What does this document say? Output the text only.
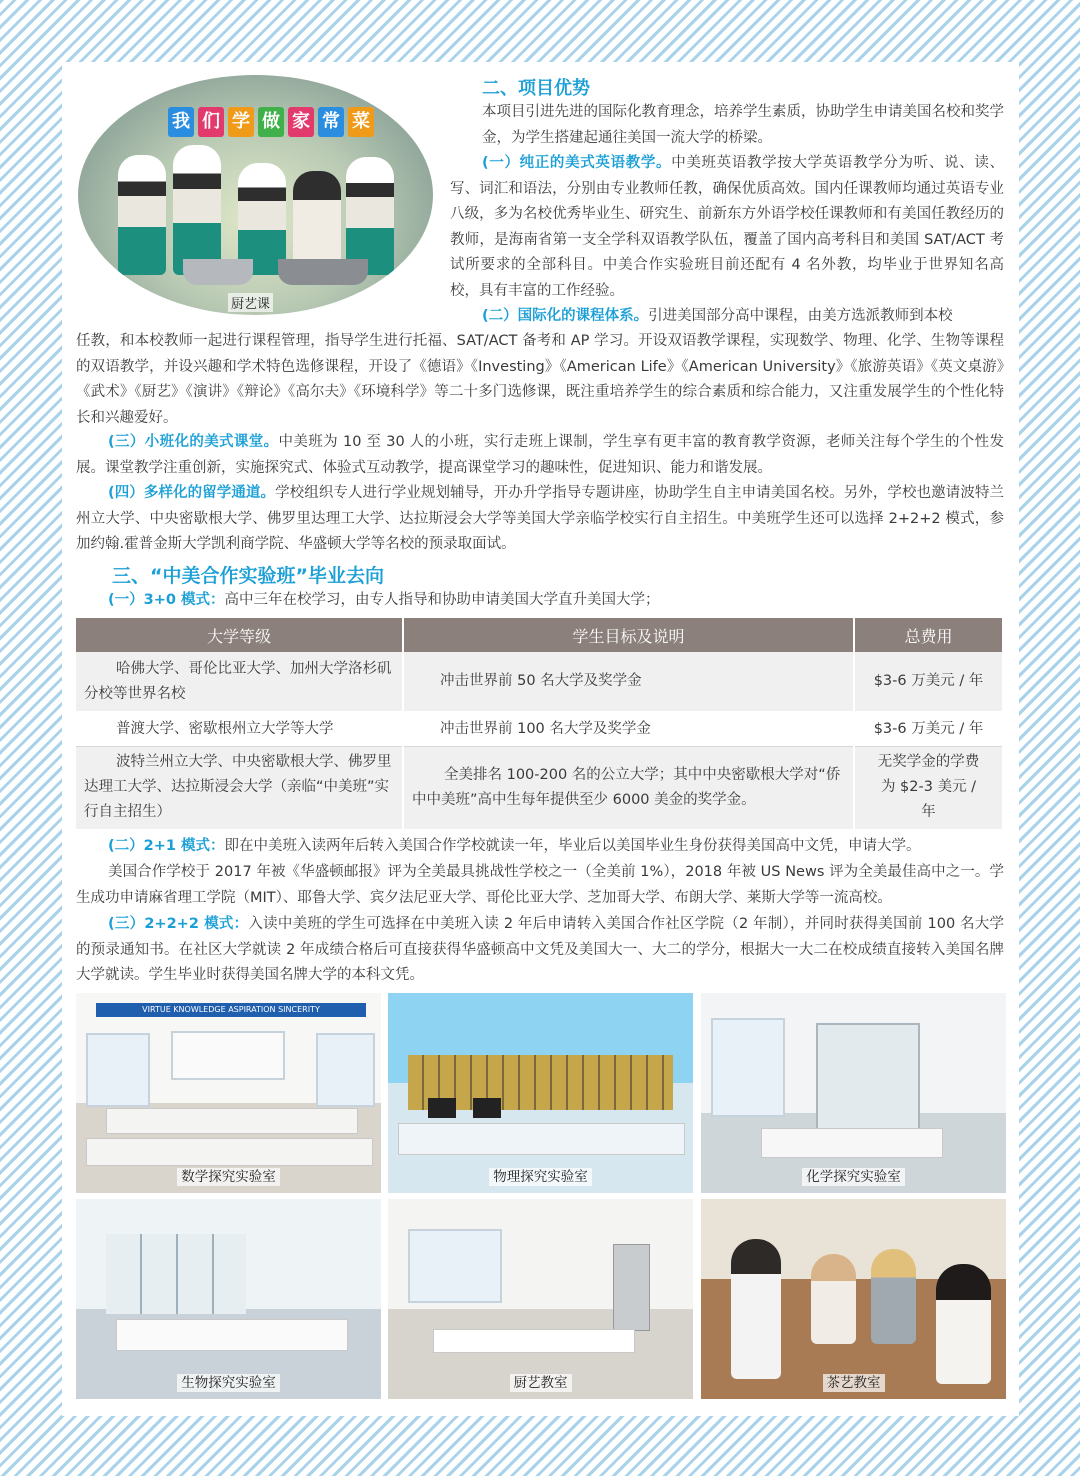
我 们 学 做 家 常 菜
厨艺课
二、项目优势

本项目引进先进的国际化教育理念，培养学生素质，协助学生申请美国名校和奖学金，为学生搭建起通往美国一流大学的桥梁。

(一）纯正的美式英语教学。中美班英语教学按大学英语教学分为听、说、读、写、词汇和语法，分别由专业教师任教，确保优质高效。国内任课教师均通过英语专业八级，多为名校优秀毕业生、研究生、前新东方外语学校任课教师和有美国任教经历的教师，是海南省第一支全学科双语教学队伍，覆盖了国内高考科目和美国 SAT/ACT 考试所要求的全部科目。中美合作实验班目前还配有 4 名外教，均毕业于世界知名高校，具有丰富的工作经验。

(二）国际化的课程体系。引进美国部分高中课程，由美方选派教师到本校

任教，和本校教师一起进行课程管理，指导学生进行托福、SAT/ACT 备考和 AP 学习。开设双语教学课程，实现数学、物理、化学、生物等课程的双语教学，并设兴趣和学术特色选修课程，开设了《德语》《Investing》《American Life》《American University》《旅游英语》《英文桌游》《武术》《厨艺》《演讲》《辩论》《高尔夫》《环境科学》等二十多门选修课，既注重培养学生的综合素质和综合能力，又注重发展学生的个性化特长和兴趣爱好。

(三）小班化的美式课堂。中美班为 10 至 30 人的小班，实行走班上课制，学生享有更丰富的教育教学资源，老师关注每个学生的个性发展。课堂教学注重创新，实施探究式、体验式互动教学，提高课堂学习的趣味性，促进知识、能力和谐发展。

(四）多样化的留学通道。学校组织专人进行学业规划辅导，开办升学指导专题讲座，协助学生自主申请美国名校。另外，学校也邀请波特兰州立大学、中央密歇根大学、佛罗里达理工大学、达拉斯浸会大学等美国大学亲临学校实行自主招生。中美班学生还可以选择 2+2+2 模式，参加约翰.霍普金斯大学凯利商学院、华盛顿大学等名校的预录取面试。

三、“中美合作实验班”毕业去向

(一）3+0 模式：高中三年在校学习，由专人指导和协助申请美国大学直升美国大学；

大学等级	学生目标及说明	总费用
哈佛大学、哥伦比亚大学、加州大学洛杉矶分校等世界名校	冲击世界前 50 名大学及奖学金	$3-6 万美元 / 年
普渡大学、密歇根州立大学等大学	冲击世界前 100 名大学及奖学金	$3-6 万美元 / 年
波特兰州立大学、中央密歇根大学、佛罗里达理工大学、达拉斯浸会大学（亲临“中美班”实行自主招生）	全美排名 100-200 名的公立大学；其中中央密歇根大学对“侨中中美班”高中生每年提供至少 6000 美金的奖学金。	无奖学金的学费为 $2-3 美元 / 年

(二）2+1 模式：即在中美班入读两年后转入美国合作学校就读一年，毕业后以美国毕业生身份获得美国高中文凭，申请大学。

美国合作学校于 2017 年被《华盛顿邮报》评为全美最具挑战性学校之一（全美前 1%），2018 年被 US News 评为全美最佳高中之一。学生成功申请麻省理工学院（MIT）、耶鲁大学、宾夕法尼亚大学、哥伦比亚大学、芝加哥大学、布朗大学、莱斯大学等一流高校。

(三）2+2+2 模式：入读中美班的学生可选择在中美班入读 2 年后申请转入美国合作社区学院（2 年制），并同时获得美国前 100 名大学的预录通知书。在社区大学就读 2 年成绩合格后可直接获得华盛顿高中文凭及美国大一、大二的学分，根据大一大二在校成绩直接转入美国名牌大学就读。学生毕业时获得美国名牌大学的本科文凭。

VIRTUE KNOWLEDGE ASPIRATION SINCERITY
数学探究实验室	物理探究实验室	化学探究实验室
生物探究实验室	厨艺教室	茶艺教室
